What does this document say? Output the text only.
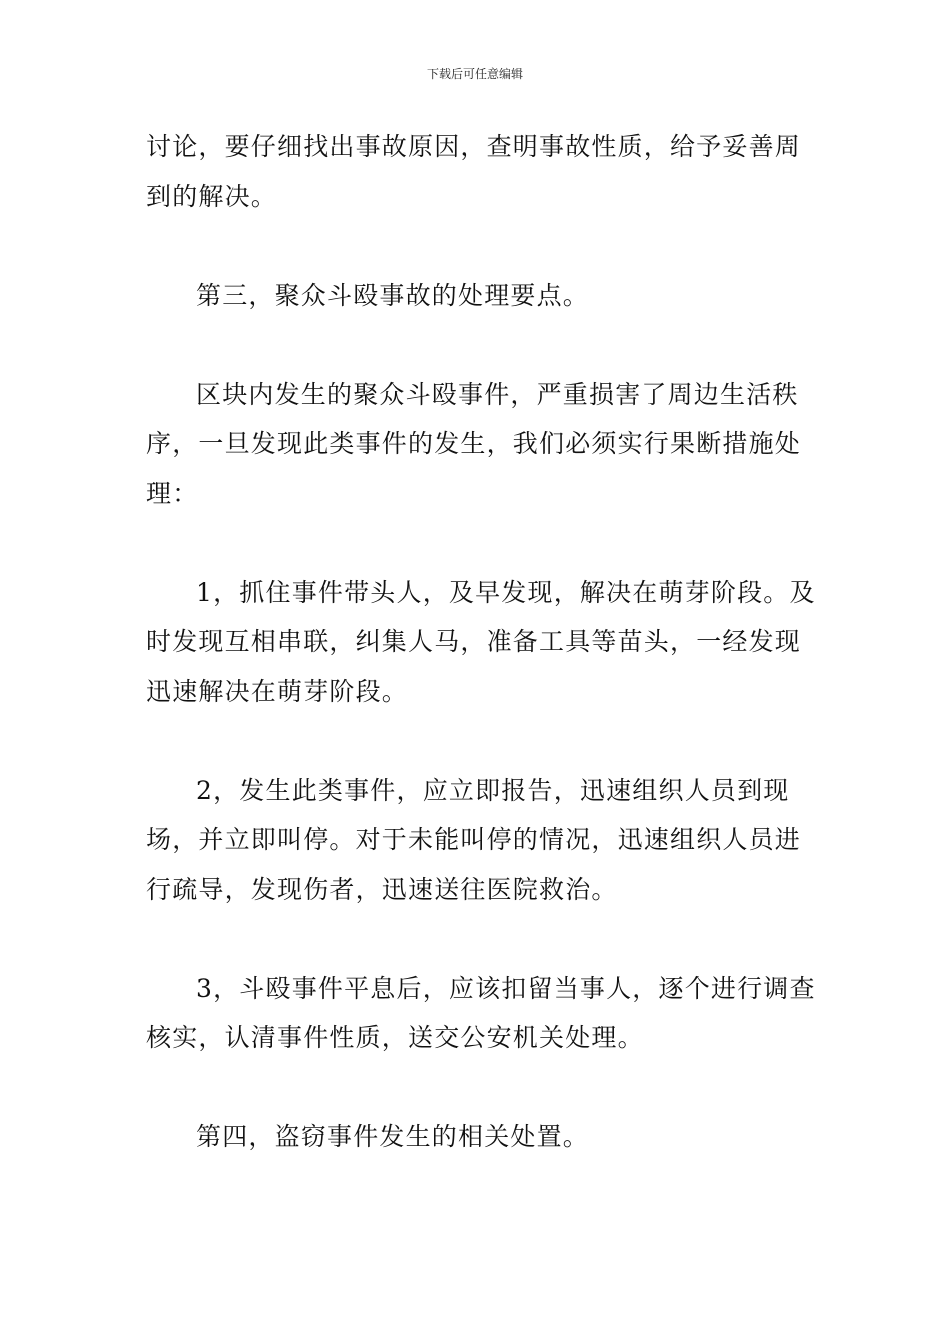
下载后可任意编辑

讨论，要仔细找出事故原因，查明事故性质，给予妥善周到的解决。

第三，聚众斗殴事故的处理要点。

区块内发生的聚众斗殴事件，严重损害了周边生活秩序，一旦发现此类事件的发生，我们必须实行果断措施处理：

1，抓住事件带头人，及早发现，解决在萌芽阶段。及时发现互相串联，纠集人马，准备工具等苗头，一经发现迅速解决在萌芽阶段。

2，发生此类事件，应立即报告，迅速组织人员到现场，并立即叫停。对于未能叫停的情况，迅速组织人员进行疏导，发现伤者，迅速送往医院救治。

3，斗殴事件平息后，应该扣留当事人，逐个进行调查核实，认清事件性质，送交公安机关处理。

第四，盗窃事件发生的相关处置。
